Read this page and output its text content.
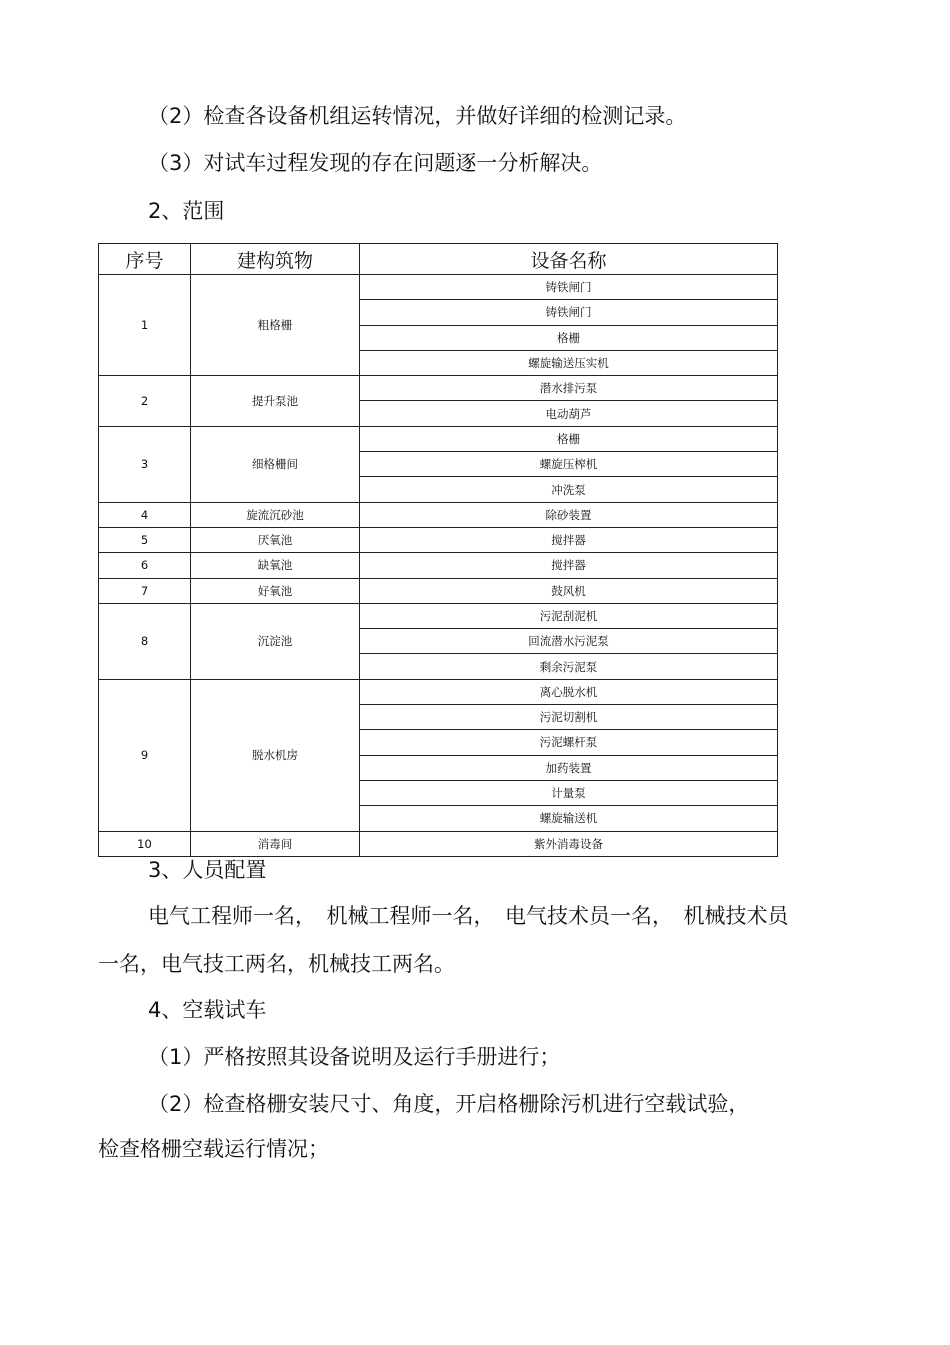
（2）检查各设备机组运转情况，并做好详细的检测记录。
（3）对试车过程发现的存在问题逐一分析解决。
2、范围
序号	建构筑物	设备名称
1	粗格栅	铸铁闸门
		铸铁闸门
		格栅
		螺旋输送压实机
2	提升泵池	潜水排污泵
		电动葫芦
3	细格栅间	格栅
		螺旋压榨机
		冲洗泵
4	旋流沉砂池	除砂装置
5	厌氧池	搅拌器
6	缺氧池	搅拌器
7	好氧池	鼓风机
8	沉淀池	污泥刮泥机
		回流潜水污泥泵
		剩余污泥泵
9	脱水机房	离心脱水机
		污泥切割机
		污泥螺杆泵
		加药装置
		计量泵
		螺旋输送机
10	消毒间	紫外消毒设备
3、人员配置
电气工程师一名，　机械工程师一名，　电气技术员一名，　机械技术员
一名，电气技工两名，机械技工两名。
4、空载试车
（1）严格按照其设备说明及运行手册进行；
（2）检查格栅安装尺寸、角度，开启格栅除污机进行空载试验，
检查格栅空载运行情况；
